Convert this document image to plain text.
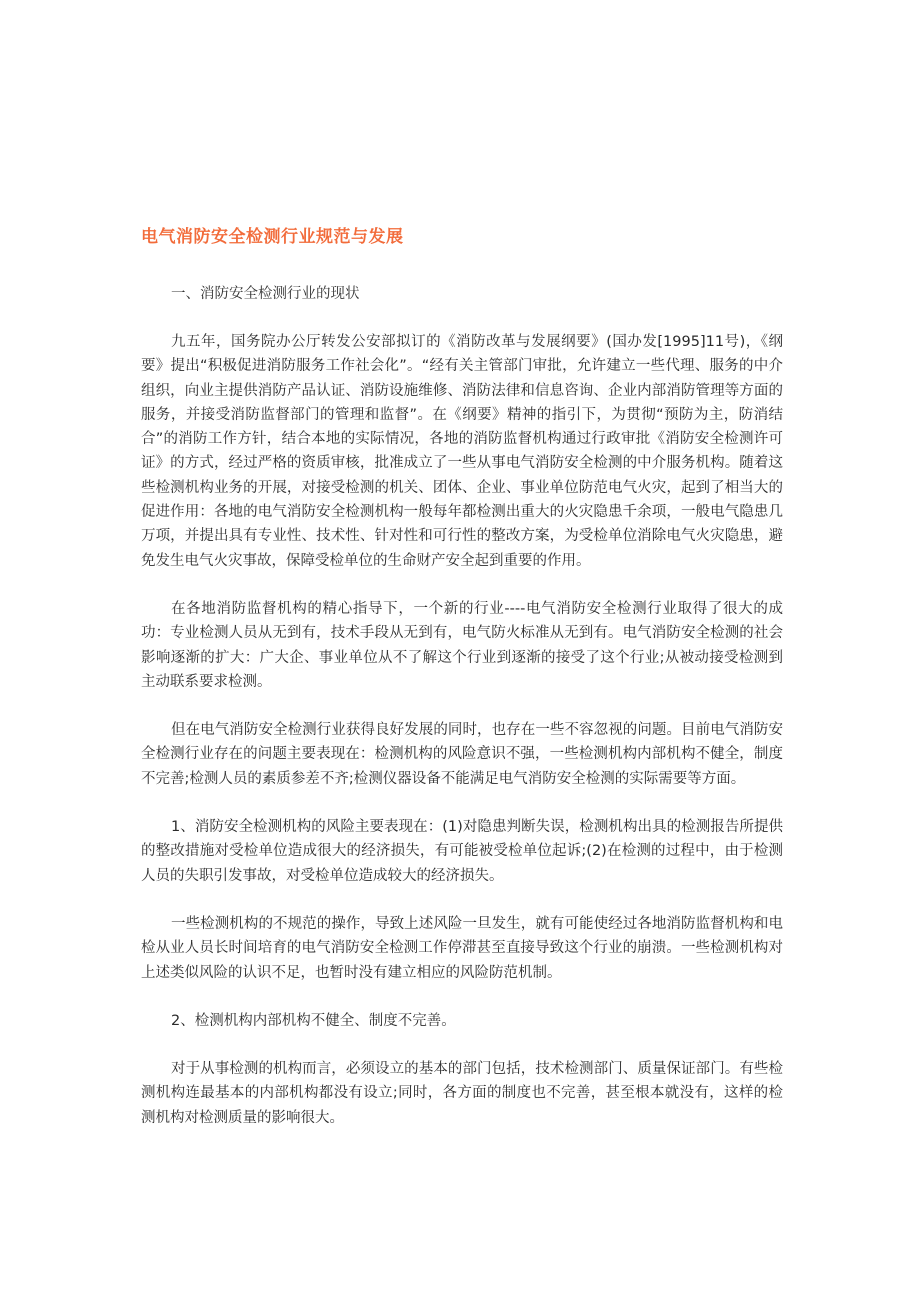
电气消防安全检测行业规范与发展

一、消防安全检测行业的现状

九五年，国务院办公厅转发公安部拟订的《消防改革与发展纲要》(国办发[1995]11号)，《纲要》提出“积极促进消防服务工作社会化”。“经有关主管部门审批，允许建立一些代理、服务的中介组织，向业主提供消防产品认证、消防设施维修、消防法律和信息咨询、企业内部消防管理等方面的服务，并接受消防监督部门的管理和监督”。在《纲要》精神的指引下，为贯彻“预防为主，防消结合”的消防工作方针，结合本地的实际情况，各地的消防监督机构通过行政审批《消防安全检测许可证》的方式，经过严格的资质审核，批准成立了一些从事电气消防安全检测的中介服务机构。随着这些检测机构业务的开展，对接受检测的机关、团体、企业、事业单位防范电气火灾，起到了相当大的促进作用：各地的电气消防安全检测机构一般每年都检测出重大的火灾隐患千余项，一般电气隐患几万项，并提出具有专业性、技术性、针对性和可行性的整改方案，为受检单位消除电气火灾隐患，避免发生电气火灾事故，保障受检单位的生命财产安全起到重要的作用。

在各地消防监督机构的精心指导下，一个新的行业----电气消防安全检测行业取得了很大的成功：专业检测人员从无到有，技术手段从无到有，电气防火标准从无到有。电气消防安全检测的社会影响逐渐的扩大：广大企、事业单位从不了解这个行业到逐渐的接受了这个行业;从被动接受检测到主动联系要求检测。

但在电气消防安全检测行业获得良好发展的同时，也存在一些不容忽视的问题。目前电气消防安全检测行业存在的问题主要表现在：检测机构的风险意识不强，一些检测机构内部机构不健全，制度不完善;检测人员的素质参差不齐;检测仪器设备不能满足电气消防安全检测的实际需要等方面。

1、消防安全检测机构的风险主要表现在：(1)对隐患判断失误，检测机构出具的检测报告所提供的整改措施对受检单位造成很大的经济损失，有可能被受检单位起诉;(2)在检测的过程中，由于检测人员的失职引发事故，对受检单位造成较大的经济损失。

一些检测机构的不规范的操作，导致上述风险一旦发生，就有可能使经过各地消防监督机构和电检从业人员长时间培育的电气消防安全检测工作停滞甚至直接导致这个行业的崩溃。一些检测机构对上述类似风险的认识不足，也暂时没有建立相应的风险防范机制。

2、检测机构内部机构不健全、制度不完善。

对于从事检测的机构而言，必须设立的基本的部门包括，技术检测部门、质量保证部门。有些检测机构连最基本的内部机构都没有设立;同时，各方面的制度也不完善，甚至根本就没有，这样的检测机构对检测质量的影响很大。
